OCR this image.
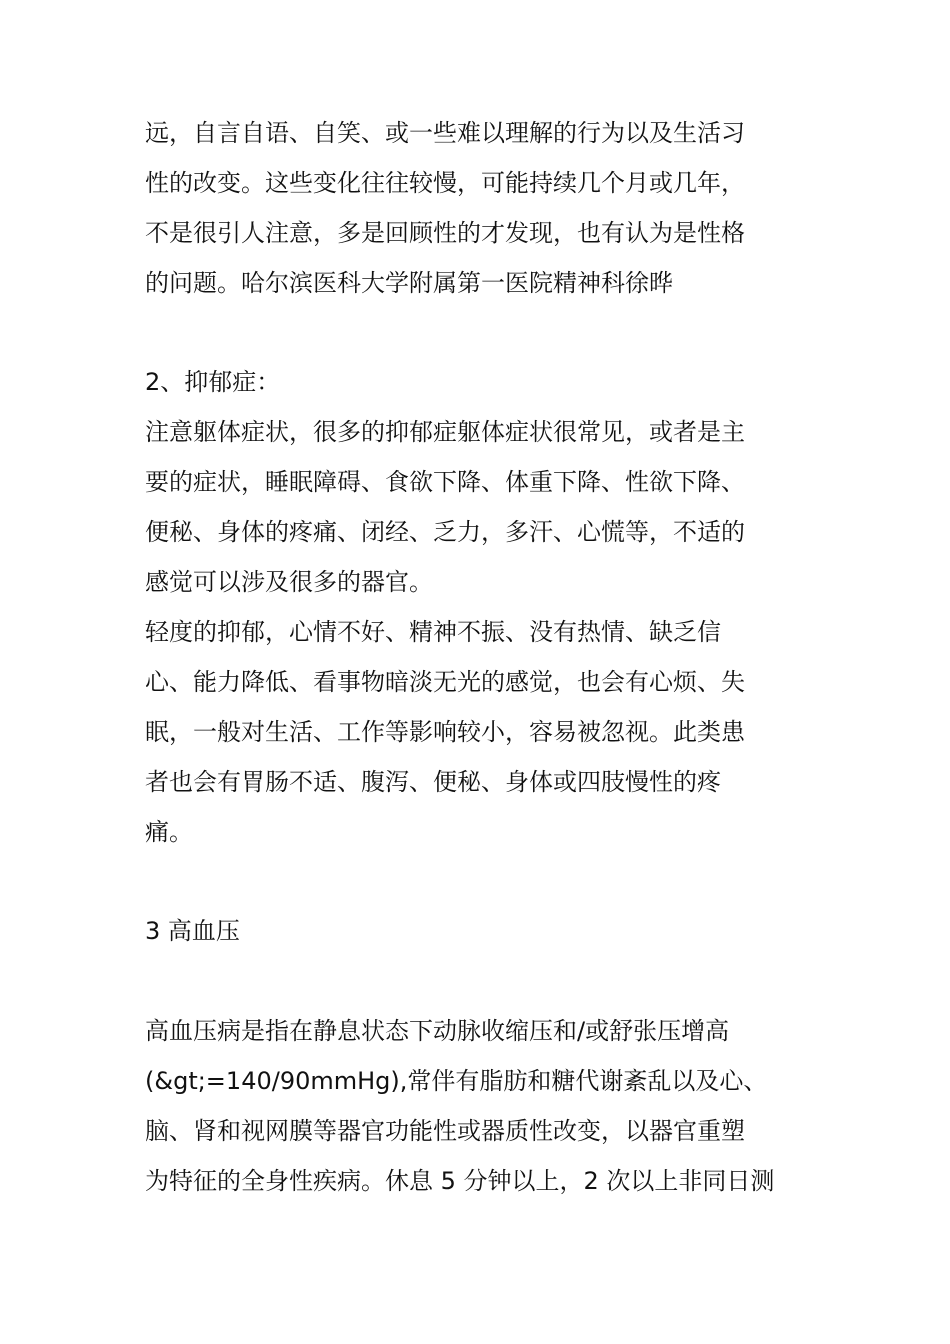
远，自言自语、自笑、或一些难以理解的行为以及生活习
性的改变。这些变化往往较慢，可能持续几个月或几年，
不是很引人注意，多是回顾性的才发现，也有认为是性格
的问题。哈尔滨医科大学附属第一医院精神科徐晔
2、抑郁症：
注意躯体症状，很多的抑郁症躯体症状很常见，或者是主
要的症状，睡眠障碍、食欲下降、体重下降、性欲下降、
便秘、身体的疼痛、闭经、乏力，多汗、心慌等，不适的
感觉可以涉及很多的器官。
轻度的抑郁，心情不好、精神不振、没有热情、缺乏信
心、能力降低、看事物暗淡无光的感觉，也会有心烦、失
眠，一般对生活、工作等影响较小，容易被忽视。此类患
者也会有胃肠不适、腹泻、便秘、身体或四肢慢性的疼
痛。
3 高血压
高血压病是指在静息状态下动脉收缩压和/或舒张压增高
(&gt;=140/90mmHg),常伴有脂肪和糖代谢紊乱以及心、
脑、肾和视网膜等器官功能性或器质性改变，以器官重塑
为特征的全身性疾病。休息 5 分钟以上，2 次以上非同日测
